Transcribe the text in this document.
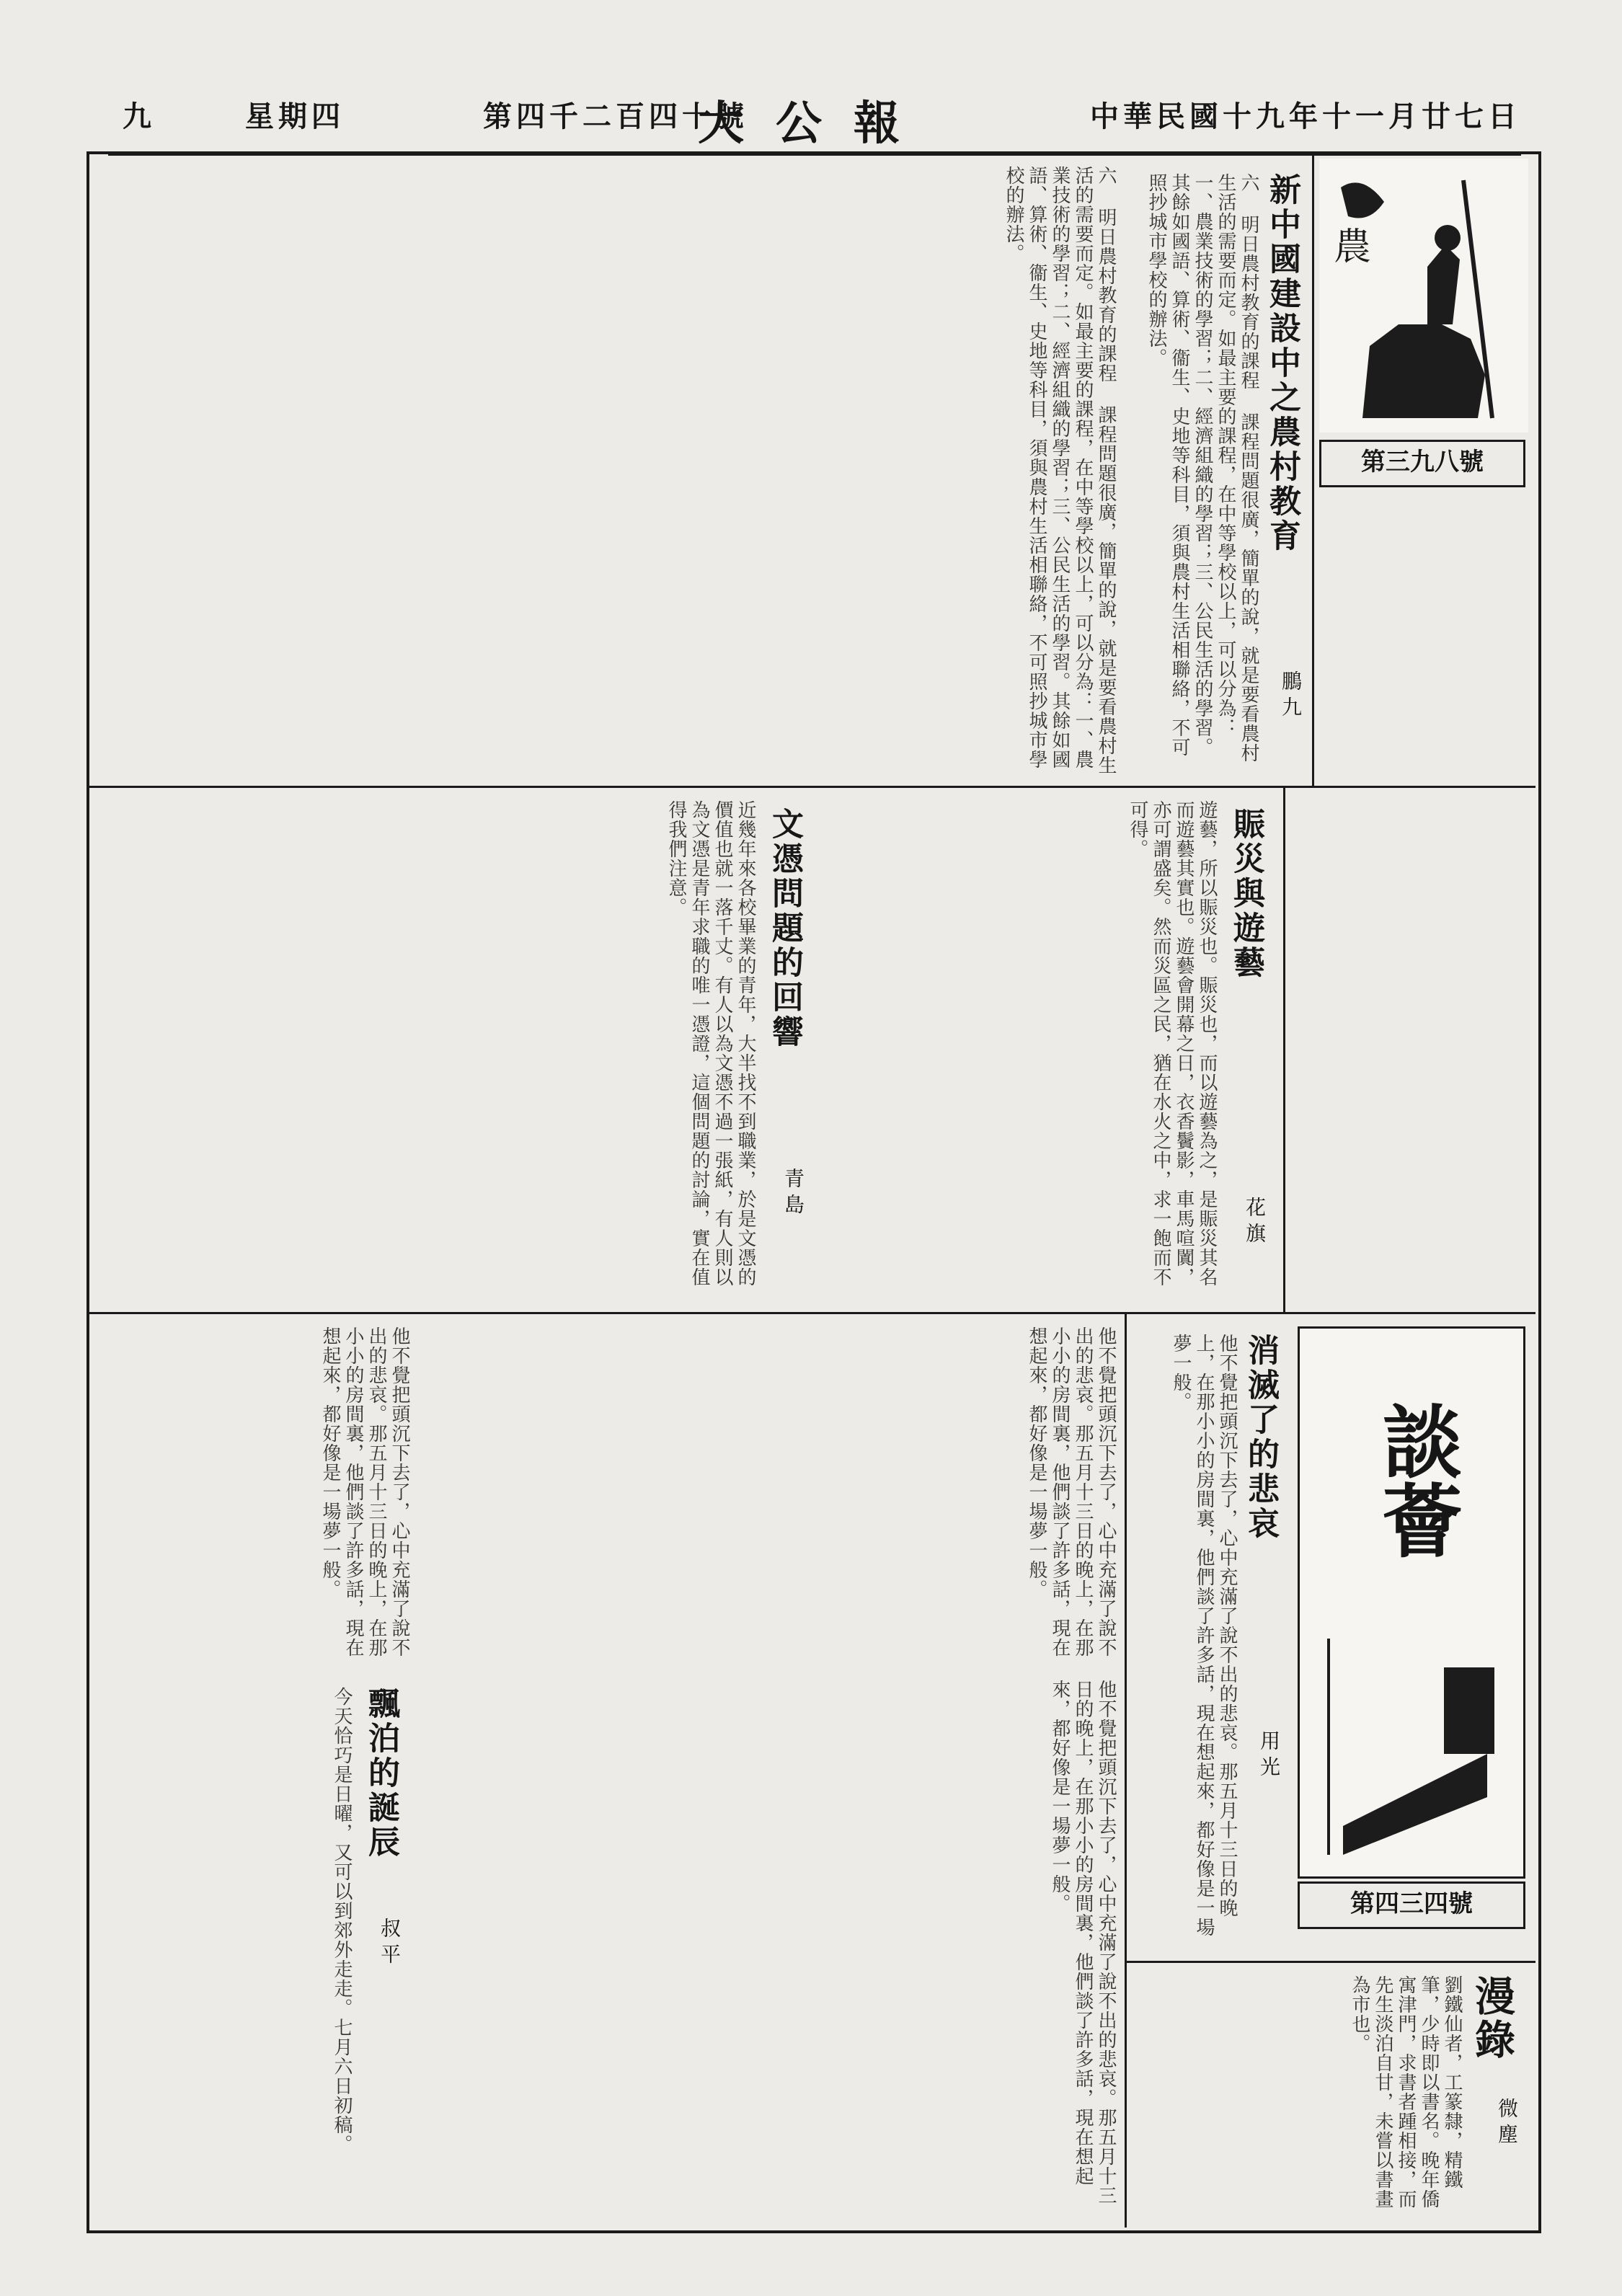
中華民國十九年十一月廿七日
大公報
第四千二百四十號
星期四
九
農
第三九八號
新中國建設中之農村教育
鵬九
六 明日農村教育的課程 課程問題很廣，簡單的說，就是要看農村生活的需要而定。如最主要的課程，在中等學校以上，可以分為：一、農業技術的學習；二、經濟組織的學習；三、公民生活的學習。其餘如國語、算術、衞生、史地等科目，須與農村生活相聯絡，不可照抄城市學校的辦法。
六 明日農村教育的課程 課程問題很廣，簡單的說，就是要看農村生活的需要而定。如最主要的課程，在中等學校以上，可以分為：一、農業技術的學習；二、經濟組織的學習；三、公民生活的學習。其餘如國語、算術、衞生、史地等科目，須與農村生活相聯絡，不可照抄城市學校的辦法。
賑災與遊藝
花旗
遊藝，所以賑災也。賑災也，而以遊藝為之，是賑災其名而遊藝其實也。遊藝會開幕之日，衣香鬢影，車馬喧闐，亦可謂盛矣。然而災區之民，猶在水火之中，求一飽而不可得。
文憑問題的回響
青島
近幾年來各校畢業的青年，大半找不到職業，於是文憑的價值也就一落千丈。有人以為文憑不過一張紙，有人則以為文憑是青年求職的唯一憑證，這個問題的討論，實在值得我們注意。
談薈
第四三四號
消滅了的悲哀
用光
他不覺把頭沉下去了，心中充滿了說不出的悲哀。那五月十三日的晚上，在那小小的房間裏，他們談了許多話，現在想起來，都好像是一場夢一般。
他不覺把頭沉下去了，心中充滿了說不出的悲哀。那五月十三日的晚上，在那小小的房間裏，他們談了許多話，現在想起來，都好像是一場夢一般。
飄泊的誕辰
叔平
今天恰巧是日曜，又可以到郊外走走。七月六日初稿。
他不覺把頭沉下去了，心中充滿了說不出的悲哀。那五月十三日的晚上，在那小小的房間裏，他們談了許多話，現在想起來，都好像是一場夢一般。
他不覺把頭沉下去了，心中充滿了說不出的悲哀。那五月十三日的晚上，在那小小的房間裏，他們談了許多話，現在想起來，都好像是一場夢一般。
漫錄
微塵
劉鐵仙者，工篆隸，精鐵筆，少時即以書名。晚年僑寓津門，求書者踵相接，而先生淡泊自甘，未嘗以書畫為市也。
